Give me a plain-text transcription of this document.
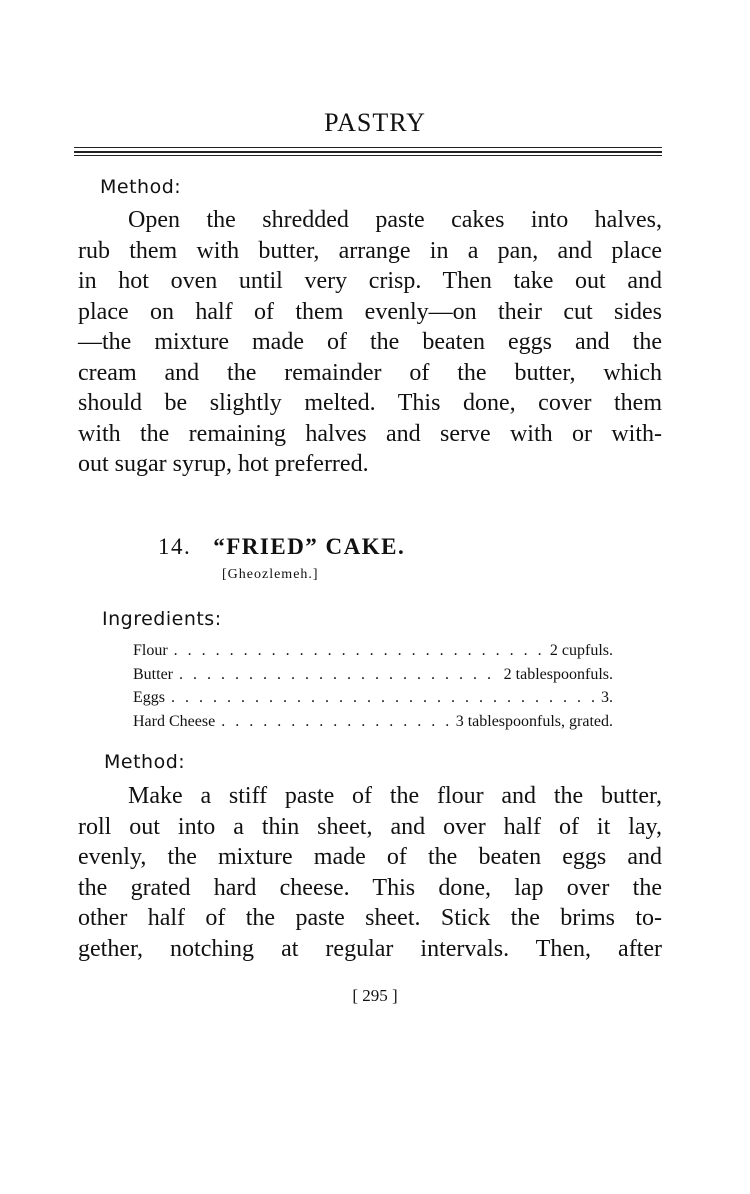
PASTRY
Method:

Open the shredded paste cakes into halves,
rub them with butter, arrange in a pan, and place
in hot oven until very crisp. Then take out and
place on half of them evenly—on their cut sides
—the mixture made of the beaten eggs and the
cream and the remainder of the butter, which
should be slightly melted. This done, cover them
with the remaining halves and serve with or with-
out sugar syrup, hot preferred.

14. “FRIED” CAKE.
[Gheozlemeh.]
Ingredients:
Flour . . .	2 cupfuls.
Butter . . .	2 tablespoonfuls.
Eggs . . .	3.
Hard Cheese . . .	3 tablespoonfuls, grated.
Method:

Make a stiff paste of the flour and the butter,
roll out into a thin sheet, and over half of it lay,
evenly, the mixture made of the beaten eggs and
the grated hard cheese. This done, lap over the
other half of the paste sheet. Stick the brims to-
gether, notching at regular intervals. Then, after

[ 295 ]
